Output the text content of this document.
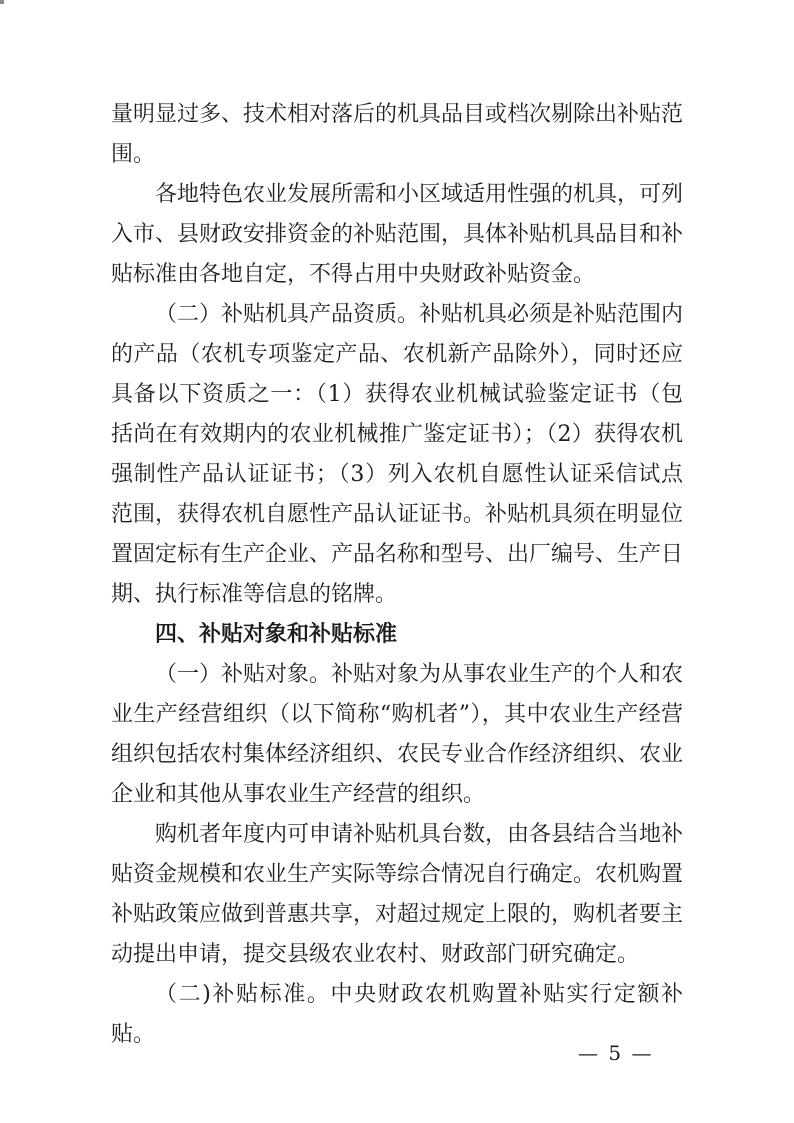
量明显过多、技术相对落后的机具品目或档次剔除出补贴范围。

各地特色农业发展所需和小区域适用性强的机具，可列入市、县财政安排资金的补贴范围，具体补贴机具品目和补贴标准由各地自定，不得占用中央财政补贴资金。

（二）补贴机具产品资质。补贴机具必须是补贴范围内的产品（农机专项鉴定产品、农机新产品除外），同时还应具备以下资质之一：（1）获得农业机械试验鉴定证书（包括尚在有效期内的农业机械推广鉴定证书）；（2）获得农机强制性产品认证证书；（3）列入农机自愿性认证采信试点范围，获得农机自愿性产品认证证书。补贴机具须在明显位置固定标有生产企业、产品名称和型号、出厂编号、生产日期、执行标准等信息的铭牌。

四、补贴对象和补贴标准

（一）补贴对象。补贴对象为从事农业生产的个人和农业生产经营组织（以下简称“购机者”），其中农业生产经营组织包括农村集体经济组织、农民专业合作经济组织、农业企业和其他从事农业生产经营的组织。

购机者年度内可申请补贴机具台数，由各县结合当地补贴资金规模和农业生产实际等综合情况自行确定。农机购置补贴政策应做到普惠共享，对超过规定上限的，购机者要主动提出申请，提交县级农业农村、财政部门研究确定。

（二)补贴标准。中央财政农机购置补贴实行定额补贴。

— 5 —
